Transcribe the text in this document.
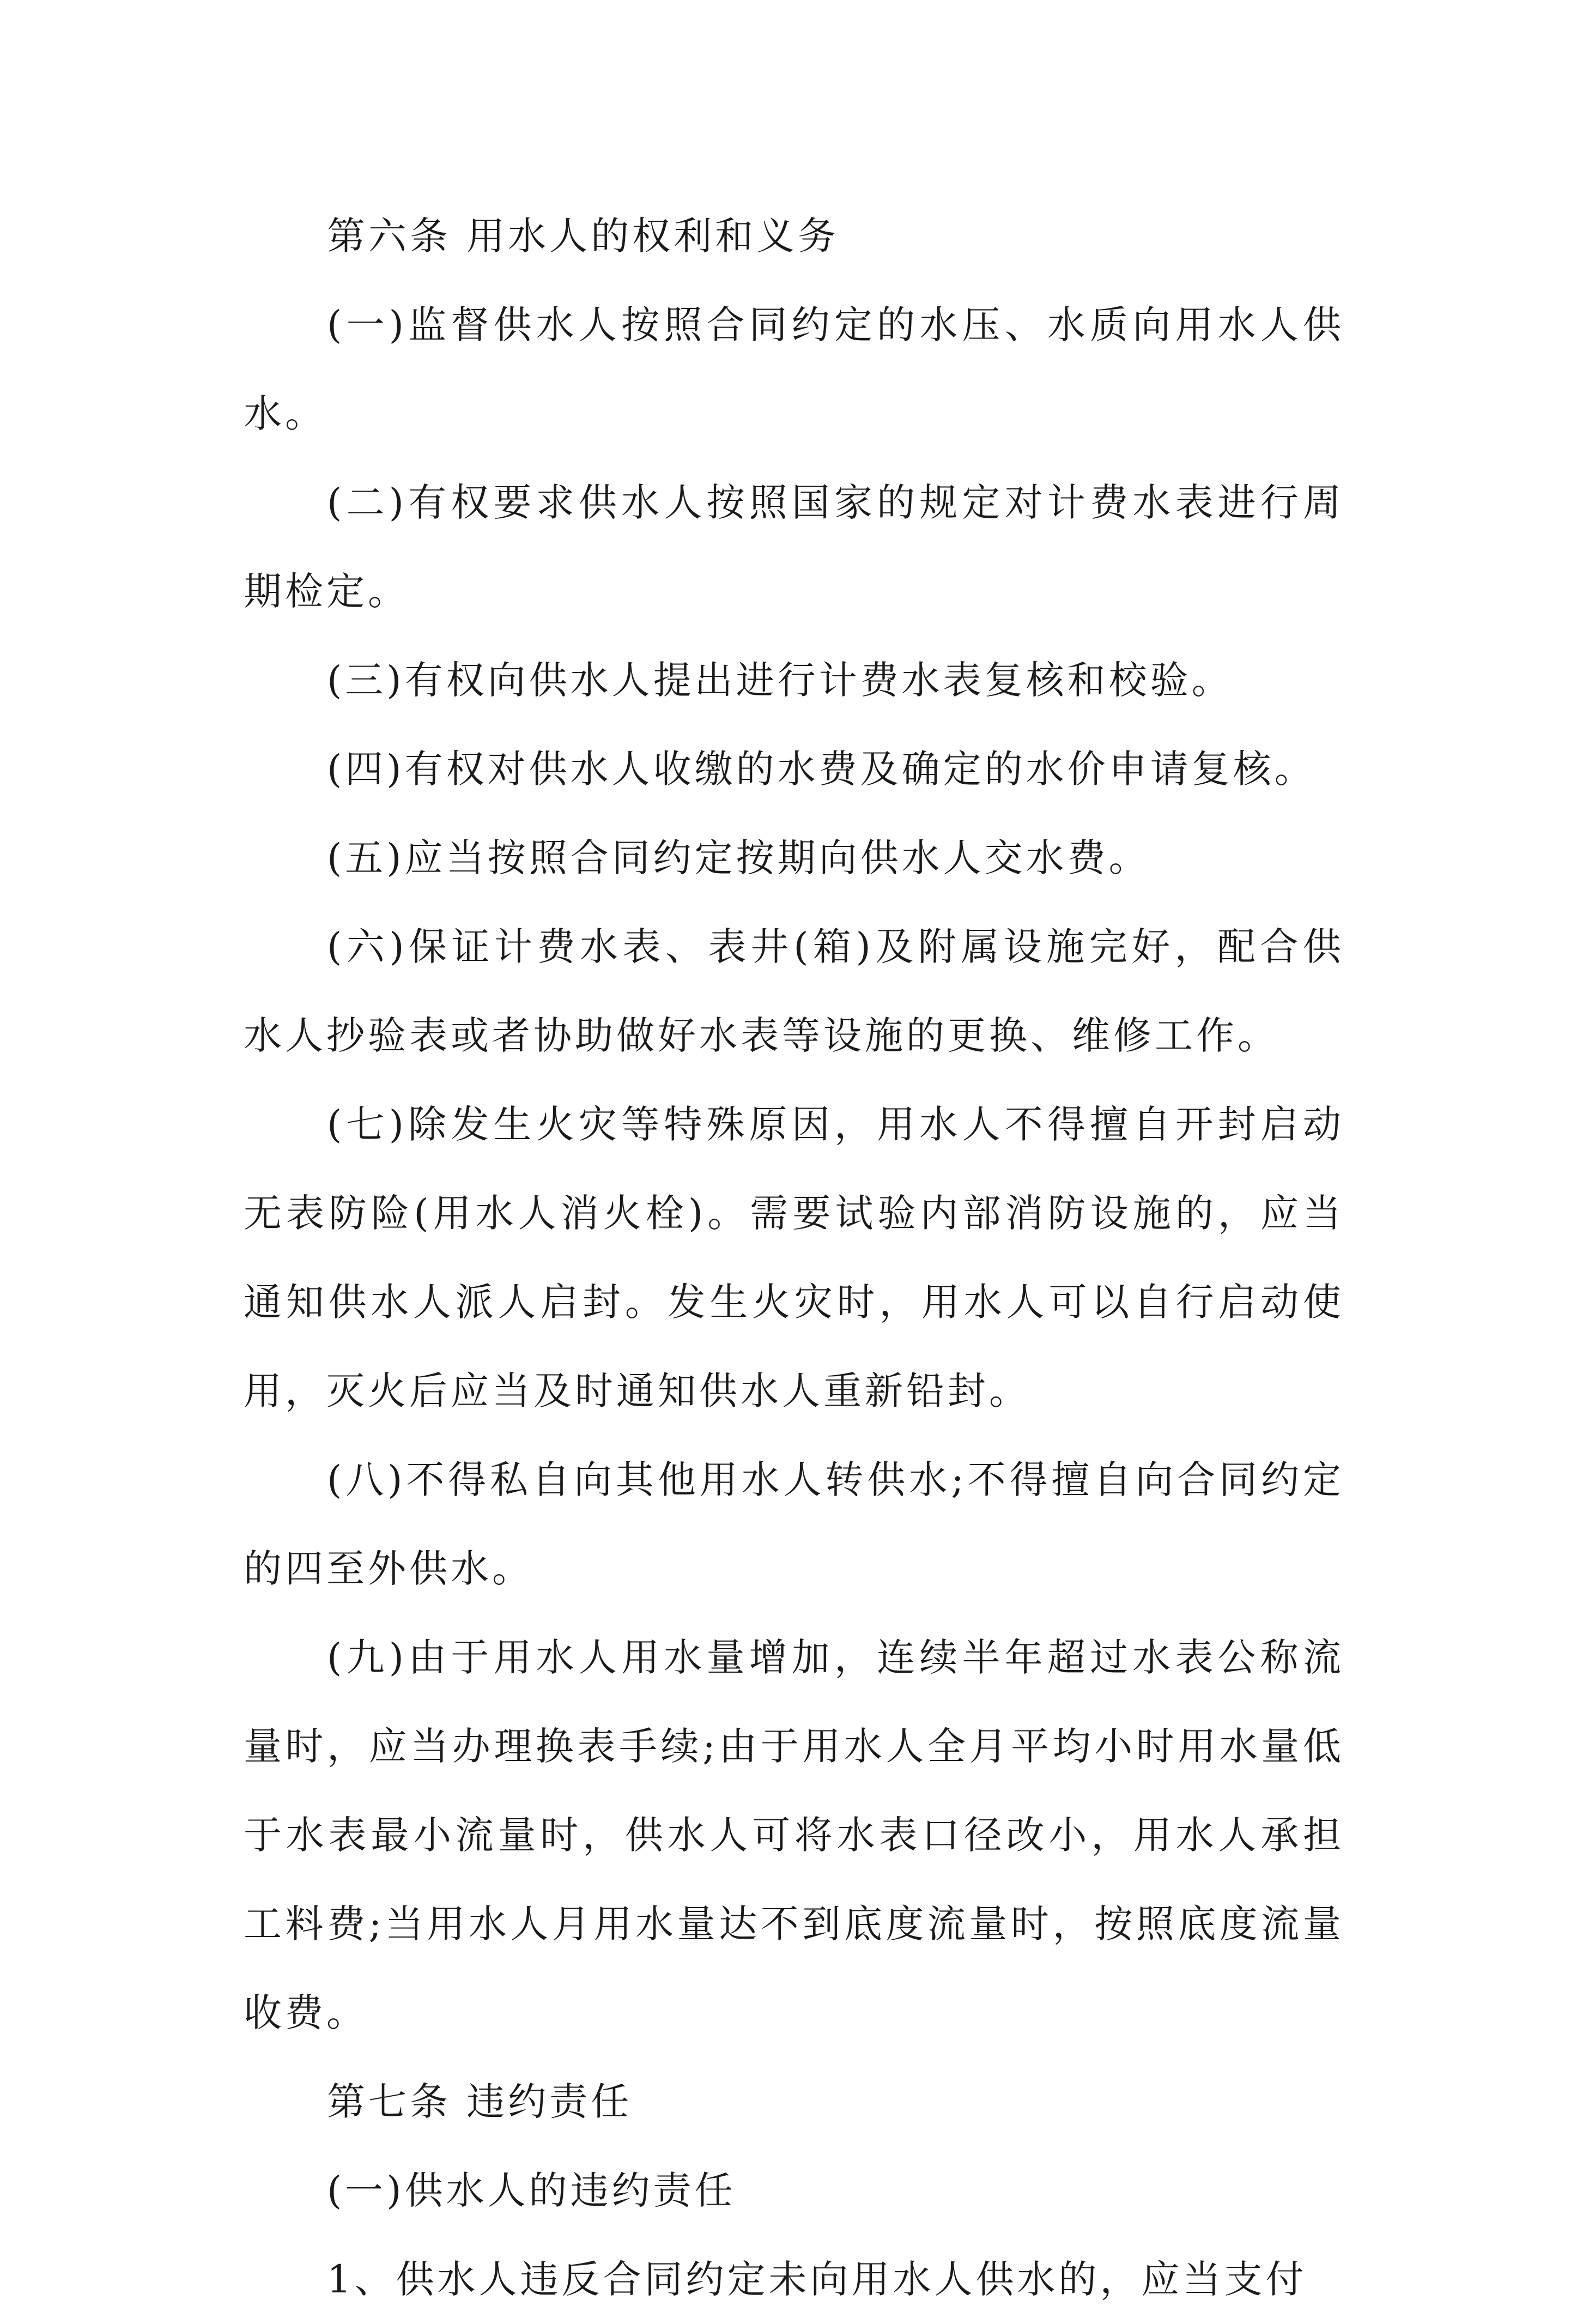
第六条 用水人的权利和义务

(一)监督供水人按照合同约定的水压、水质向用水人供水。

(二)有权要求供水人按照国家的规定对计费水表进行周期检定。

(三)有权向供水人提出进行计费水表复核和校验。

(四)有权对供水人收缴的水费及确定的水价申请复核。

(五)应当按照合同约定按期向供水人交水费。

(六)保证计费水表、表井(箱)及附属设施完好，配合供水人抄验表或者协助做好水表等设施的更换、维修工作。

(七)除发生火灾等特殊原因，用水人不得擅自开封启动无表防险(用水人消火栓)。需要试验内部消防设施的，应当通知供水人派人启封。发生火灾时，用水人可以自行启动使用，灭火后应当及时通知供水人重新铅封。

(八)不得私自向其他用水人转供水;不得擅自向合同约定的四至外供水。

(九)由于用水人用水量增加，连续半年超过水表公称流量时，应当办理换表手续;由于用水人全月平均小时用水量低于水表最小流量时，供水人可将水表口径改小，用水人承担工料费;当用水人月用水量达不到底度流量时，按照底度流量收费。

第七条 违约责任

(一)供水人的违约责任

1、供水人违反合同约定未向用水人供水的，应当支付
